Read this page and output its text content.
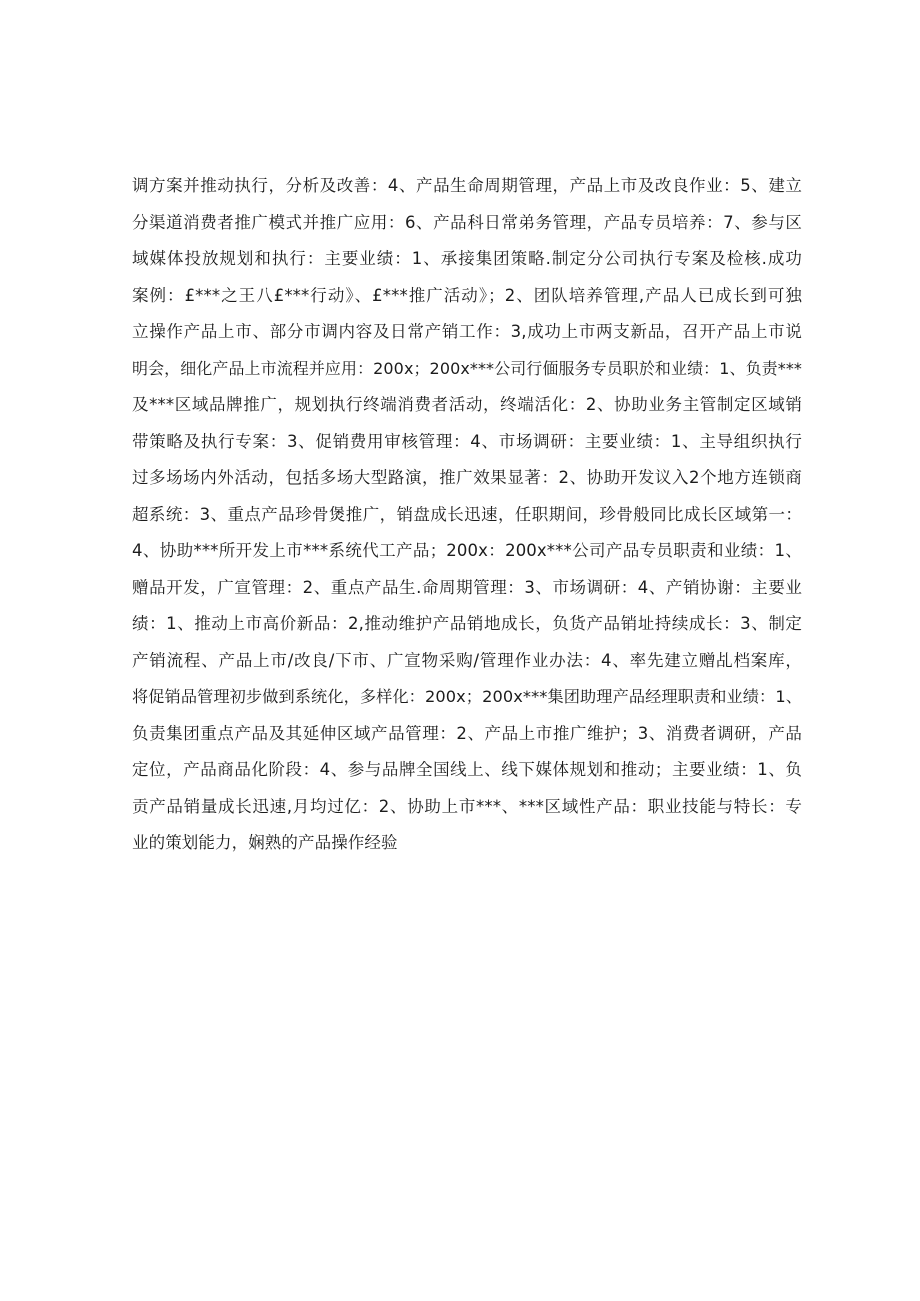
调方案并推动执行，分析及改善：4、产品生命周期管理，产品上市及改良作业：5、建立
分渠道消费者推广模式并推广应用：6、产品科日常弟务管理，产品专员培养：7、参与区
域媒体投放规划和执行：主要业绩：1、承接集团策略.制定分公司执行专案及检核.成功
案例：£***之王八£***行动》、£***推广活动》；2、团队培养管理,产品人已成长到可独
立操作产品上市、部分市调内容及日常产销工作：3,成功上市两支新品，召开产品上市说
明会，细化产品上市流程并应用：200x；200x***公司行偭服务专员职於和业绩：1、负责***
及***区域品牌推广，规划执行终端消费者活动，终端活化：2、协助业务主管制定区域销
带策略及执行专案：3、促销费用审核管理：4、市场调研：主要业绩：1、主导组织执行
过多场场内外活动，包括多场大型路演，推广效果显著：2、协助开发议入2个地方连锁商
超系统：3、重点产品珍骨煲推广，销盘成长迅速，任职期间，珍骨般同比成长区域第一：
4、协助***所开发上市***系统代工产品；200x：200x***公司产品专员职责和业绩：1、
赠品开发，广宣管理：2、重点产品生.命周期管理：3、市场调研：4、产销协谢：主要业
绩：1、推动上市高价新品：2,推动维护产品销地成长，负货产品销址持续成长：3、制定
产销流程、产品上市/改良/下市、广宣物采购/管理作业办法：4、率先建立赠乩档案库，
将促销品管理初步做到系统化，多样化：200x；200x***集团助理产品经理职责和业绩：1、
负责集团重点产品及其延伸区域产品管理：2、产品上市推广维护；3、消费者调研，产品
定位，产品商品化阶段：4、参与品牌全国线上、线下媒体规划和推动；主要业绩：1、负
贡产品销量成长迅速,月均过亿：2、协助上市***、***区域性产品：职业技能与特长：专
业的策划能力，娴熟的产品操作经验
